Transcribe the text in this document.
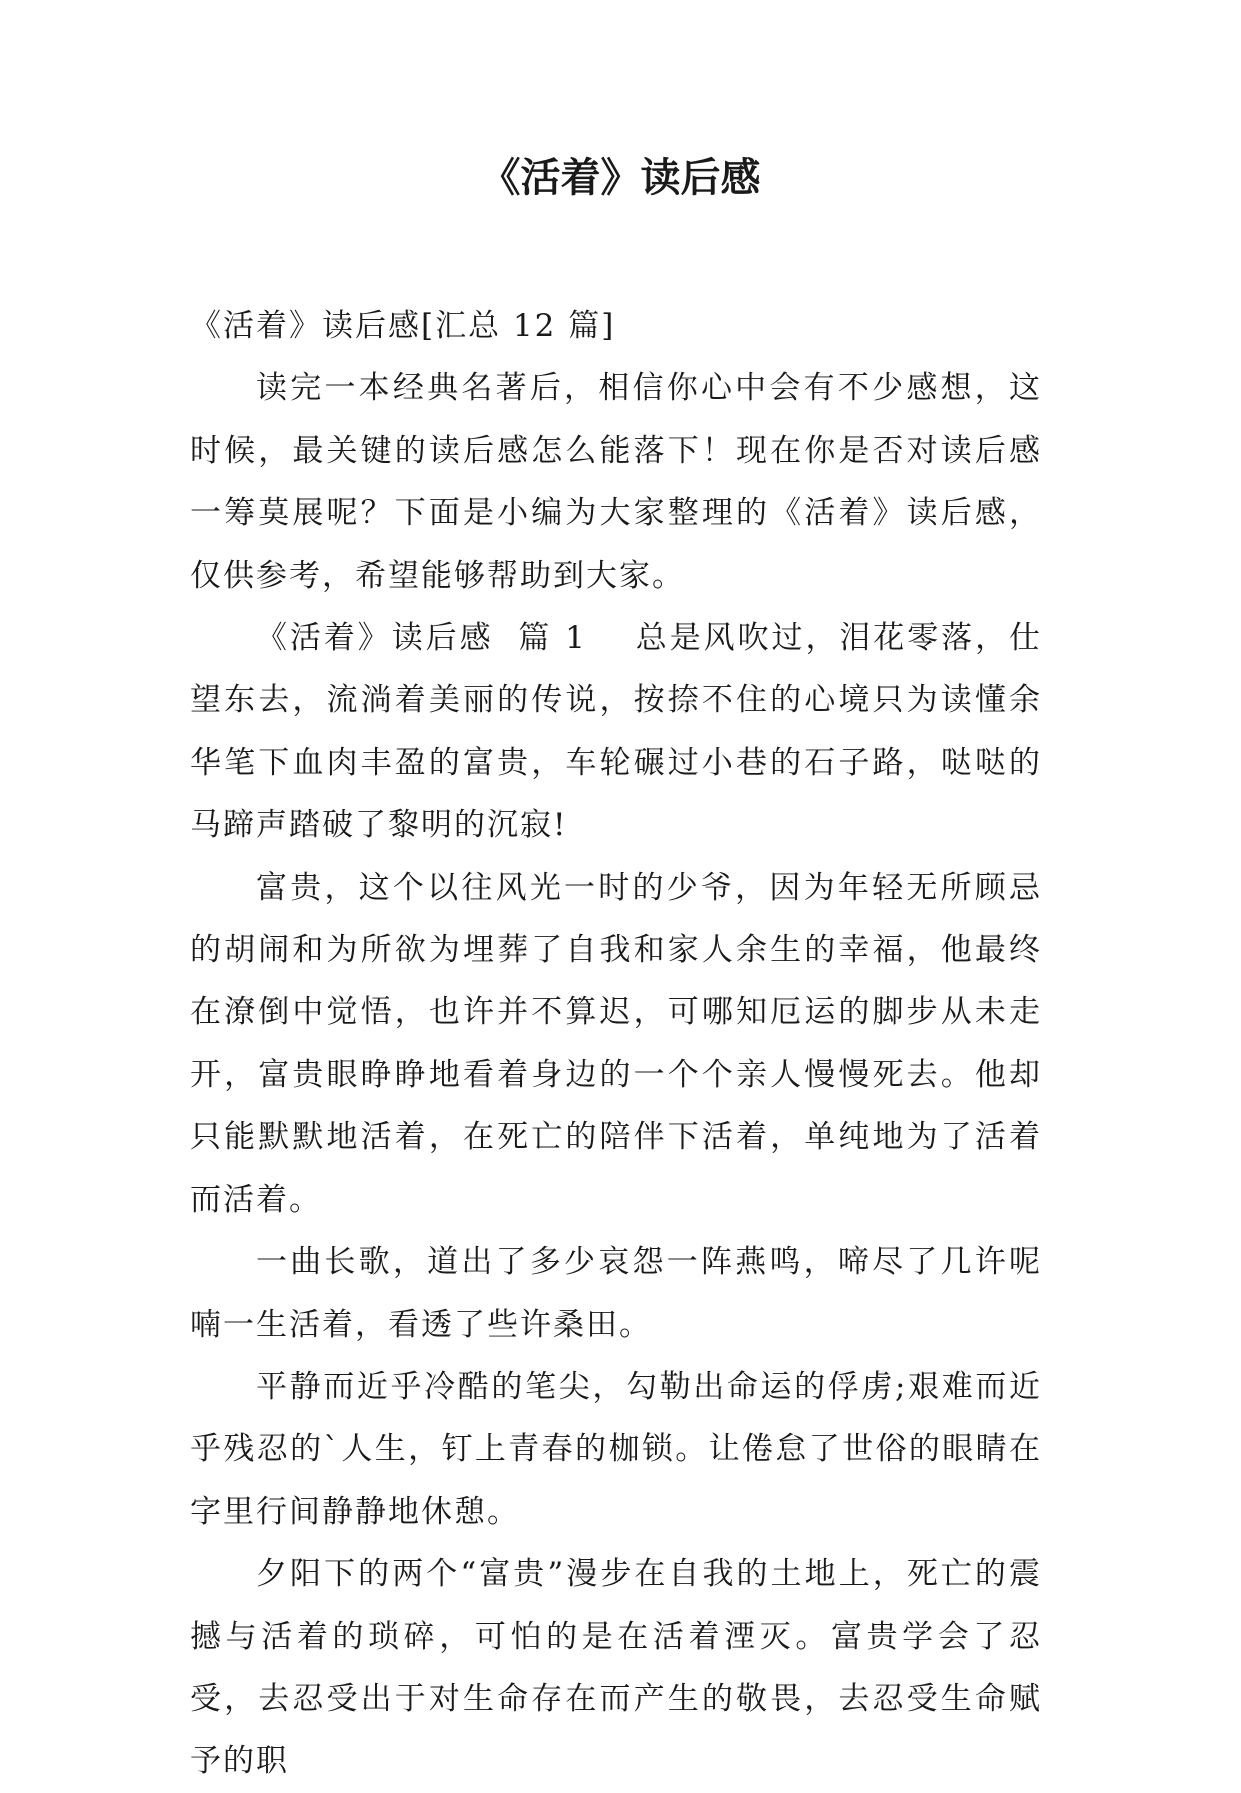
《活着》读后感

《活着》读后感[汇总 12 篇]

读完一本经典名著后，相信你心中会有不少感想，这时候，最关键的读后感怎么能落下！现在你是否对读后感一筹莫展呢？下面是小编为大家整理的《活着》读后感，仅供参考，希望能够帮助到大家。

《活着》读后感 篇 1 总是风吹过，泪花零落，仕望东去，流淌着美丽的传说，按捺不住的心境只为读懂余华笔下血肉丰盈的富贵，车轮碾过小巷的石子路，哒哒的马蹄声踏破了黎明的沉寂!

富贵，这个以往风光一时的少爷，因为年轻无所顾忌的胡闹和为所欲为埋葬了自我和家人余生的幸福，他最终在潦倒中觉悟，也许并不算迟，可哪知厄运的脚步从未走开，富贵眼睁睁地看着身边的一个个亲人慢慢死去。他却只能默默地活着，在死亡的陪伴下活着，单纯地为了活着而活着。

一曲长歌，道出了多少哀怨一阵燕鸣，啼尽了几许呢喃一生活着，看透了些许桑田。

平静而近乎冷酷的笔尖，勾勒出命运的俘虏;艰难而近乎残忍的`人生，钉上青春的枷锁。让倦怠了世俗的眼睛在字里行间静静地休憩。

夕阳下的两个“富贵”漫步在自我的土地上，死亡的震撼与活着的琐碎，可怕的是在活着湮灭。富贵学会了忍受，去忍受出于对生命存在而产生的敬畏，去忍受生命赋予的职
